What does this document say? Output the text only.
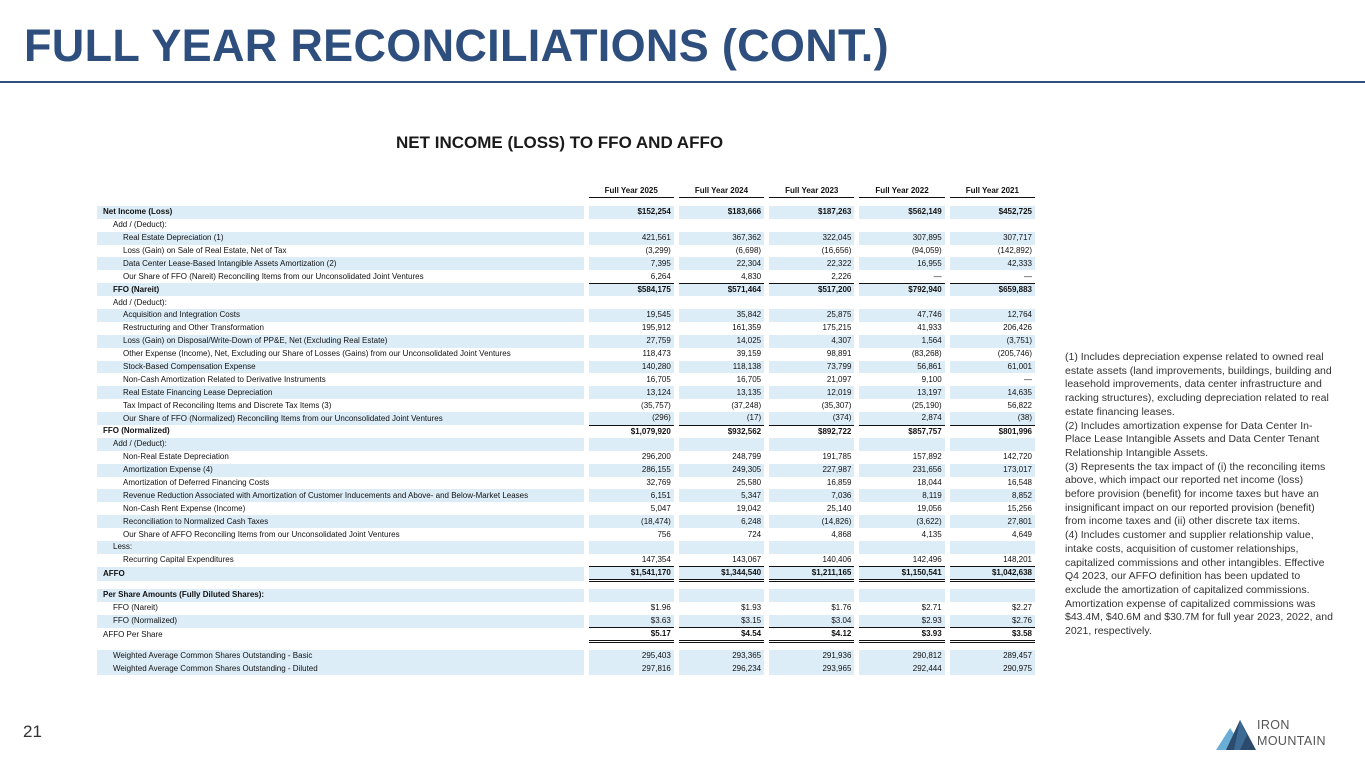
FULL YEAR RECONCILIATIONS (CONT.)
NET INCOME (LOSS) TO FFO AND AFFO
		Full Year 2025		Full Year 2024		Full Year 2023		Full Year 2022		Full Year 2021

Net Income (Loss)		$152,254		$183,666		$187,263		$562,149		$452,725
Add / (Deduct):										
Real Estate Depreciation (1)		421,561		367,362		322,045		307,895		307,717
Loss (Gain) on Sale of Real Estate, Net of Tax		(3,299)		(6,698)		(16,656)		(94,059)		(142,892)
Data Center Lease-Based Intangible Assets Amortization (2)		7,395		22,304		22,322		16,955		42,333
Our Share of FFO (Nareit) Reconciling Items from our Unconsolidated Joint Ventures		6,264		4,830		2,226		—		—
FFO (Nareit)		$584,175		$571,464		$517,200		$792,940		$659,883
Add / (Deduct):										
Acquisition and Integration Costs		19,545		35,842		25,875		47,746		12,764
Restructuring and Other Transformation		195,912		161,359		175,215		41,933		206,426
Loss (Gain) on Disposal/Write-Down of PP&E, Net (Excluding Real Estate)		27,759		14,025		4,307		1,564		(3,751)
Other Expense (Income), Net, Excluding our Share of Losses (Gains) from our Unconsolidated Joint Ventures		118,473		39,159		98,891		(83,268)		(205,746)
Stock-Based Compensation Expense		140,280		118,138		73,799		56,861		61,001
Non-Cash Amortization Related to Derivative Instruments		16,705		16,705		21,097		9,100		—
Real Estate Financing Lease Depreciation		13,124		13,135		12,019		13,197		14,635
Tax Impact of Reconciling Items and Discrete Tax Items (3)		(35,757)		(37,248)		(35,307)		(25,190)		56,822
Our Share of FFO (Normalized) Reconciling Items from our Unconsolidated Joint Ventures		(296)		(17)		(374)		2,874		(38)
FFO (Normalized)		$1,079,920		$932,562		$892,722		$857,757		$801,996
Add / (Deduct):										
Non-Real Estate Depreciation		296,200		248,799		191,785		157,892		142,720
Amortization Expense (4)		286,155		249,305		227,987		231,656		173,017
Amortization of Deferred Financing Costs		32,769		25,580		16,859		18,044		16,548
Revenue Reduction Associated with Amortization of Customer Inducements and Above- and Below-Market Leases		6,151		5,347		7,036		8,119		8,852
Non-Cash Rent Expense (Income)		5,047		19,042		25,140		19,056		15,256
Reconciliation to Normalized Cash Taxes		(18,474)		6,248		(14,826)		(3,622)		27,801
Our Share of AFFO Reconciling Items from our Unconsolidated Joint Ventures		756		724		4,868		4,135		4,649
Less:										
Recurring Capital Expenditures		147,354		143,067		140,406		142,496		148,201
AFFO		$1,541,170		$1,344,540		$1,211,165		$1,150,541		$1,042,638

Per Share Amounts (Fully Diluted Shares):										
FFO (Nareit)		$1.96		$1.93		$1.76		$2.71		$2.27
FFO (Normalized)		$3.63		$3.15		$3.04		$2.93		$2.76
AFFO Per Share		$5.17		$4.54		$4.12		$3.93		$3.58

Weighted Average Common Shares Outstanding - Basic		295,403		293,365		291,936		290,812		289,457
Weighted Average Common Shares Outstanding - Diluted		297,816		296,234		293,965		292,444		290,975

(1) Includes depreciation expense related to owned real estate assets (land improvements, buildings, building and leasehold improvements, data center infrastructure and racking structures), excluding depreciation related to real estate financing leases.

(2) Includes amortization expense for Data Center In-Place Lease Intangible Assets and Data Center Tenant Relationship Intangible Assets.

(3) Represents the tax impact of (i) the reconciling items above, which impact our reported net income (loss) before provision (benefit) for income taxes but have an insignificant impact on our reported provision (benefit) from income taxes and (ii) other discrete tax items.

(4) Includes customer and supplier relationship value, intake costs, acquisition of customer relationships, capitalized commissions and other intangibles. Effective Q4 2023, our AFFO definition has been updated to exclude the amortization of capitalized commissions. Amortization expense of capitalized commissions was $43.4M, $40.6M and $30.7M for full year 2023, 2022, and 2021, respectively.

21	IRON
MOUNTAIN
